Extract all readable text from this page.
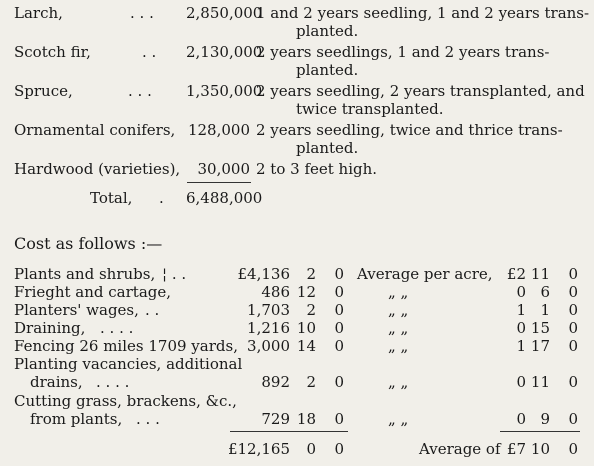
Larch,	. . . 2,850,000
1 and 2 years seedling, 1 and 2 years trans-
planted.
Scotch fir,	. . 2,130,000
2 years seedlings, 1 and 2 years trans-
planted.
Spruce,	. . . 1,350,000
2 years seedling, 2 years transplanted, and
twice transplanted.
Ornamental conifers, 128,000 2 years seedling, twice and thrice trans-
planted.
Hardwood (varieties),	30,000 2 to 3 feet high.
Total, . 6,488,000
Cost as follows :—
Plants and shrubs, ¦ . .	£4,136	2	0 Average per acre, £2 11	0
Frieght and cartage,	486 12	0	„ „	0 6	0
Planters' wages, . .	1,703	2	0	„ „	1 1	0
Draining, . . . .	1,216 10	0	„ „	0 15	0
Fencing 26 miles 1709 yards, 3,000 14	0	„ „	1 17	0
Planting vacancies, additional
drains, . . . .	892	2	0	„ „	0 11	0
Cutting grass, brackens, &c.,
from plants, . . .	729 18	0	„ „	0 9	0
£12,165	0	0	Average of £7 10	0
